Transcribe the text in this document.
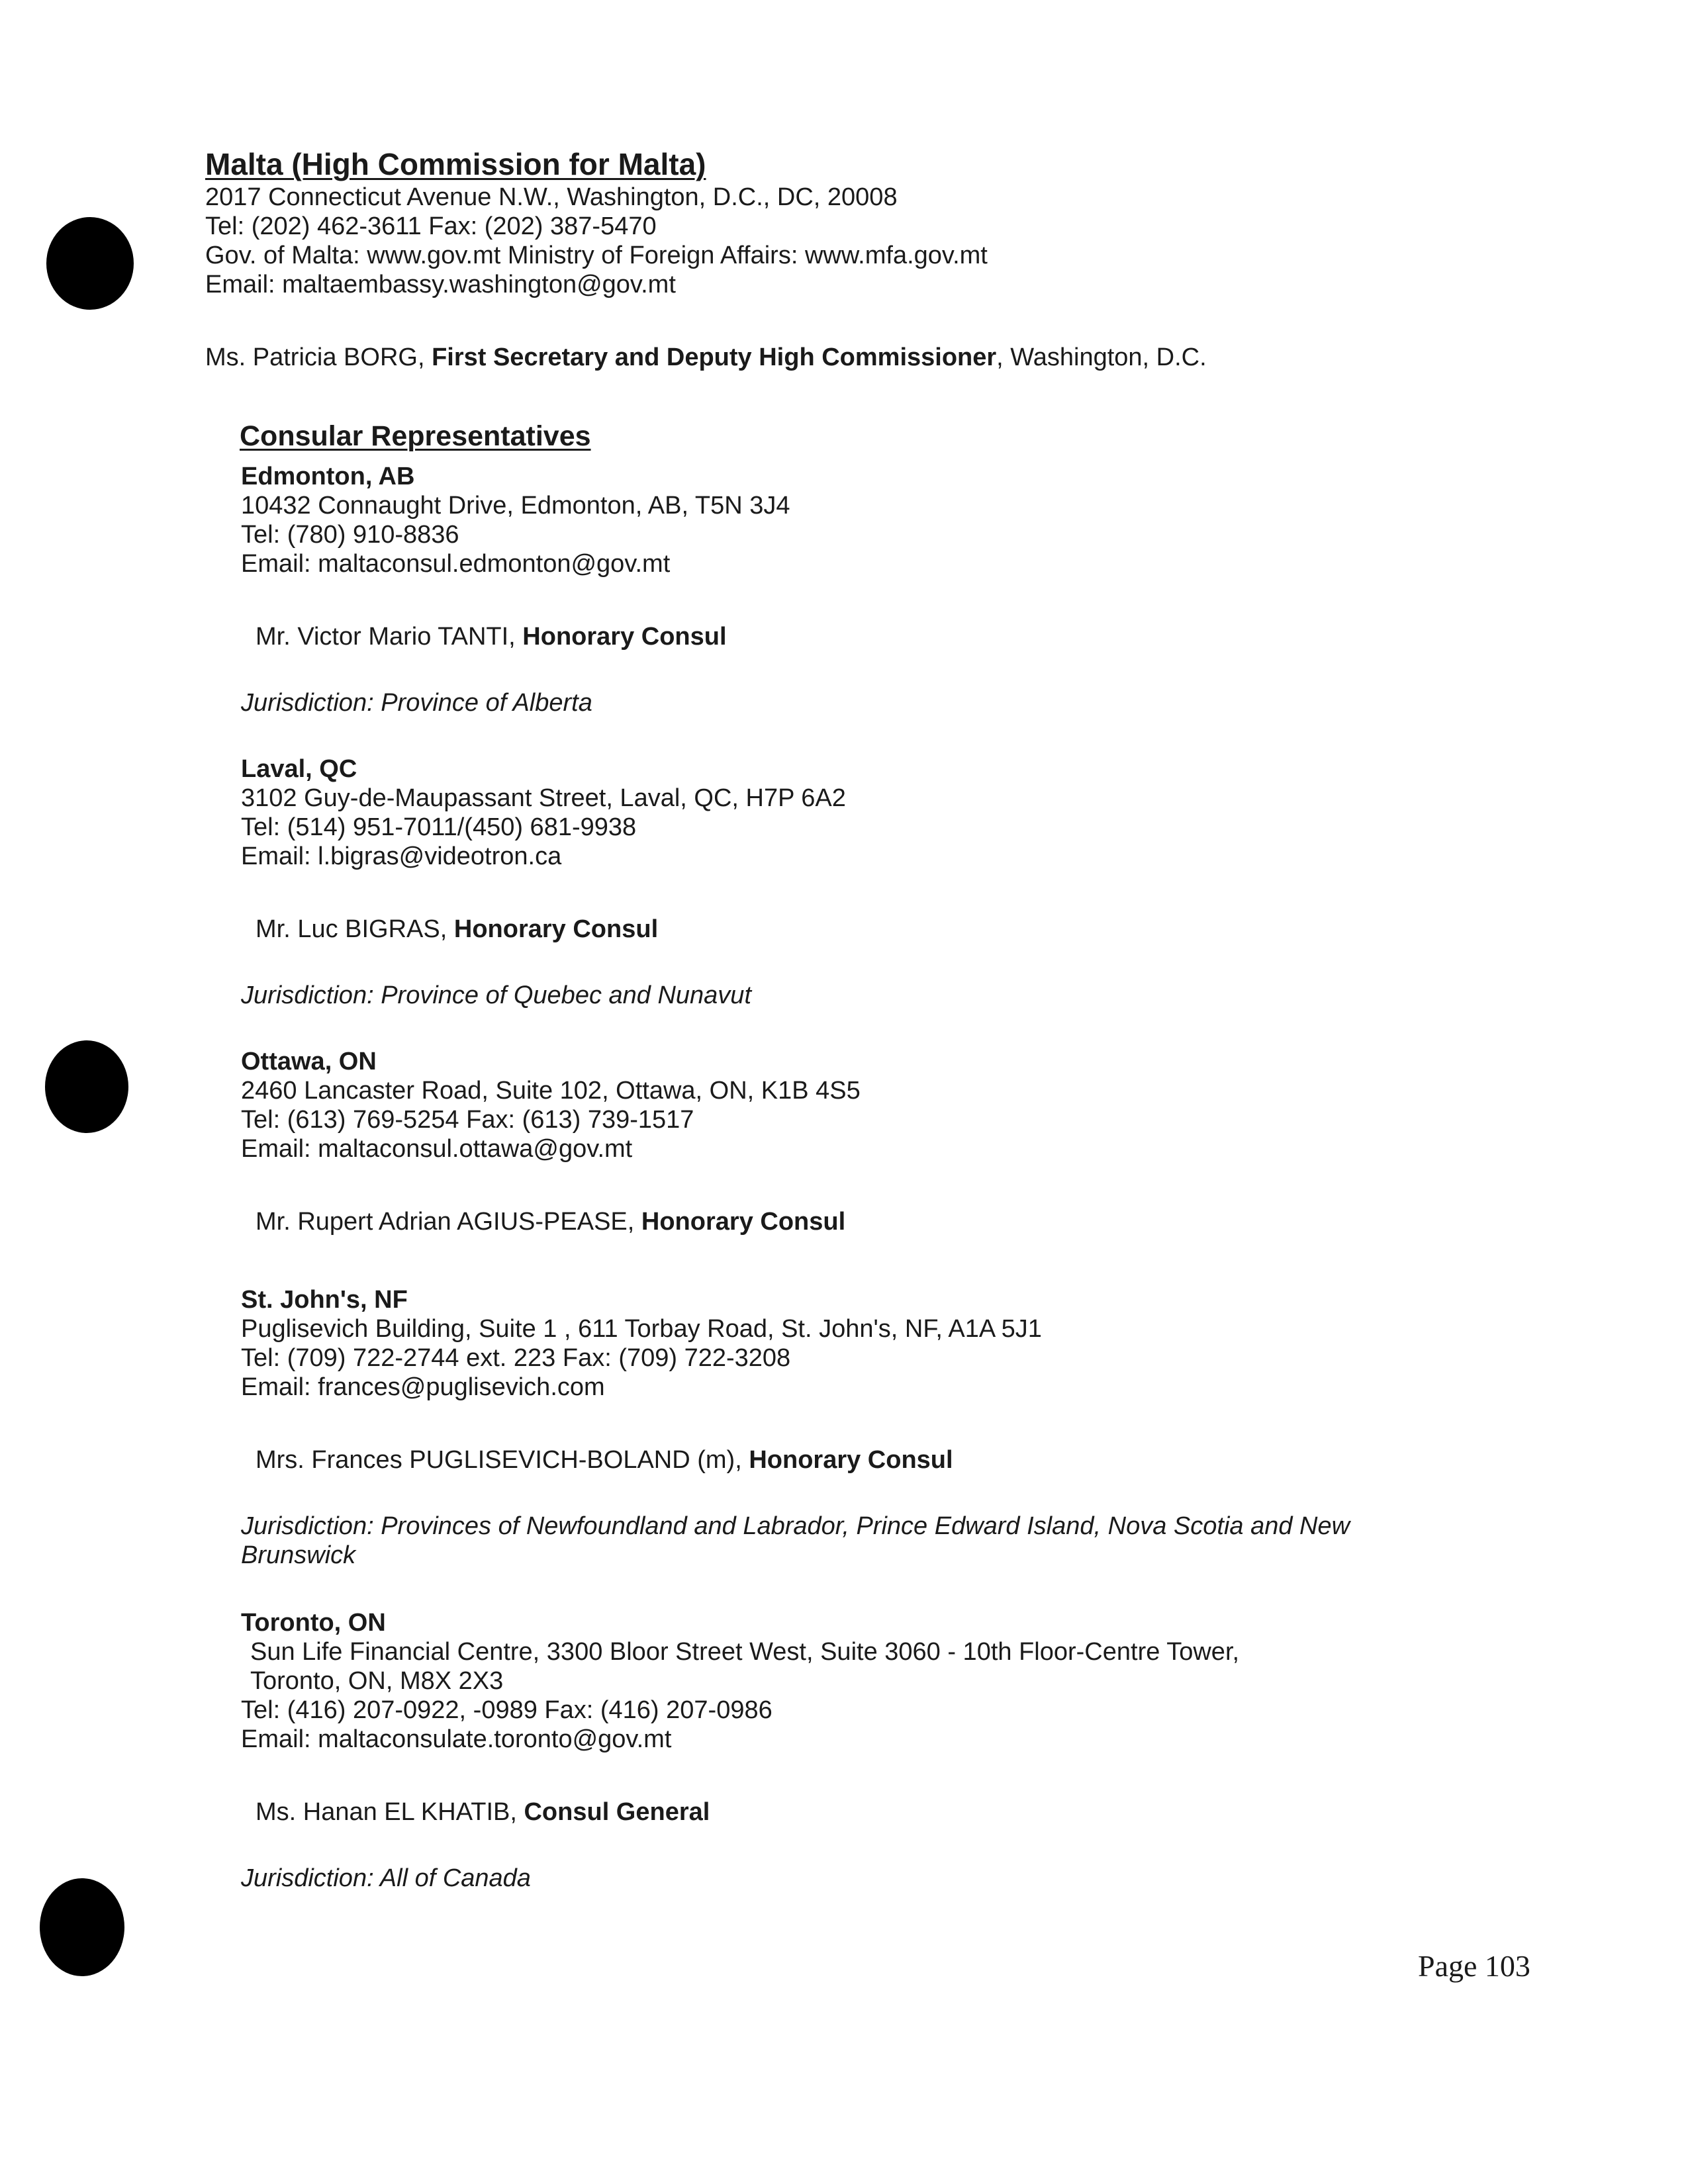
Malta (High Commission for Malta)
2017 Connecticut Avenue N.W., Washington, D.C., DC, 20008
Tel: (202) 462-3611 Fax: (202) 387-5470
Gov. of Malta: www.gov.mt Ministry of Foreign Affairs: www.mfa.gov.mt
Email: maltaembassy.washington@gov.mt
Ms. Patricia BORG, First Secretary and Deputy High Commissioner, Washington, D.C.
Consular Representatives
Edmonton, AB
10432 Connaught Drive, Edmonton, AB, T5N 3J4
Tel: (780) 910-8836
Email: maltaconsul.edmonton@gov.mt
Mr. Victor Mario TANTI, Honorary Consul
Jurisdiction: Province of Alberta
Laval, QC
3102 Guy-de-Maupassant Street, Laval, QC, H7P 6A2
Tel: (514) 951-7011/(450) 681-9938
Email: l.bigras@videotron.ca
Mr. Luc BIGRAS, Honorary Consul
Jurisdiction: Province of Quebec and Nunavut
Ottawa, ON
2460 Lancaster Road, Suite 102, Ottawa, ON, K1B 4S5
Tel: (613) 769-5254 Fax: (613) 739-1517
Email: maltaconsul.ottawa@gov.mt
Mr. Rupert Adrian AGIUS-PEASE, Honorary Consul
St. John's, NF
Puglisevich Building, Suite 1 , 611 Torbay Road, St. John's, NF, A1A 5J1
Tel: (709) 722-2744 ext. 223 Fax: (709) 722-3208
Email: frances@puglisevich.com
Mrs. Frances PUGLISEVICH-BOLAND (m), Honorary Consul
Jurisdiction: Provinces of Newfoundland and Labrador, Prince Edward Island, Nova Scotia and New Brunswick
Toronto, ON
Sun Life Financial Centre, 3300 Bloor Street West, Suite 3060 - 10th Floor-Centre Tower,
Toronto, ON, M8X 2X3
Tel: (416) 207-0922, -0989 Fax: (416) 207-0986
Email: maltaconsulate.toronto@gov.mt
Ms. Hanan EL KHATIB, Consul General
Jurisdiction: All of Canada
Page 103
